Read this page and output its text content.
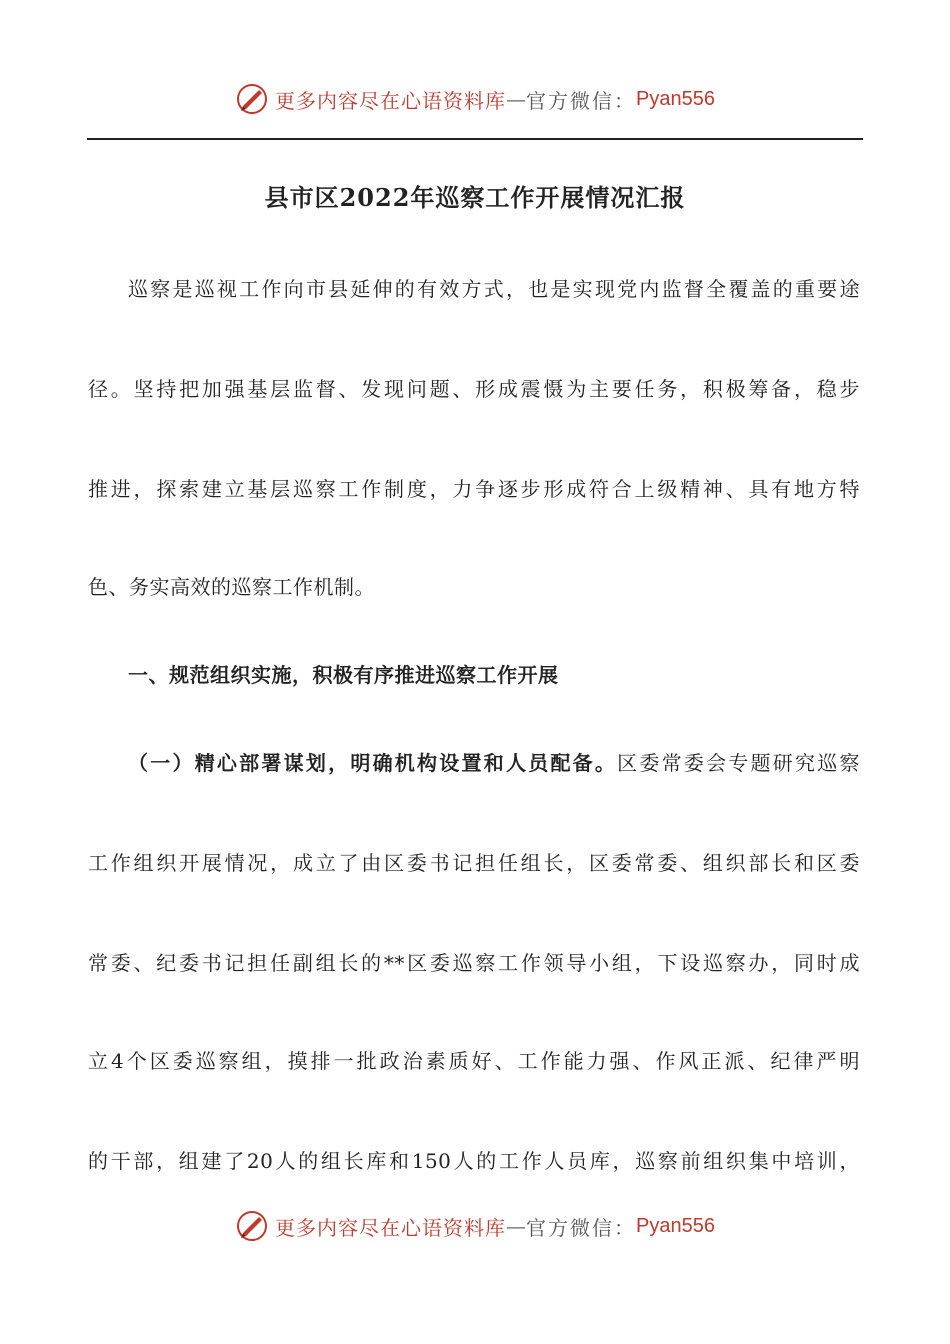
更多内容尽在心语资料库 — 官方微信： Pyan556
县市区2022年巡察工作开展情况汇报
巡察是巡视工作向市县延伸的有效方式，也是实现党内监督全覆盖的重要途
径。坚持把加强基层监督、发现问题、形成震慑为主要任务，积极筹备，稳步
推进，探索建立基层巡察工作制度，力争逐步形成符合上级精神、具有地方特
色、务实高效的巡察工作机制。
一、规范组织实施，积极有序推进巡察工作开展
（一）精心部署谋划，明确机构设置和人员配备。区委常委会专题研究巡察
工作组织开展情况，成立了由区委书记担任组长，区委常委、组织部长和区委
常委、纪委书记担任副组长的**区委巡察工作领导小组，下设巡察办，同时成
立4个区委巡察组，摸排一批政治素质好、工作能力强、作风正派、纪律严明
的干部，组建了20人的组长库和150人的工作人员库，巡察前组织集中培训，
更多内容尽在心语资料库 — 官方微信： Pyan556
